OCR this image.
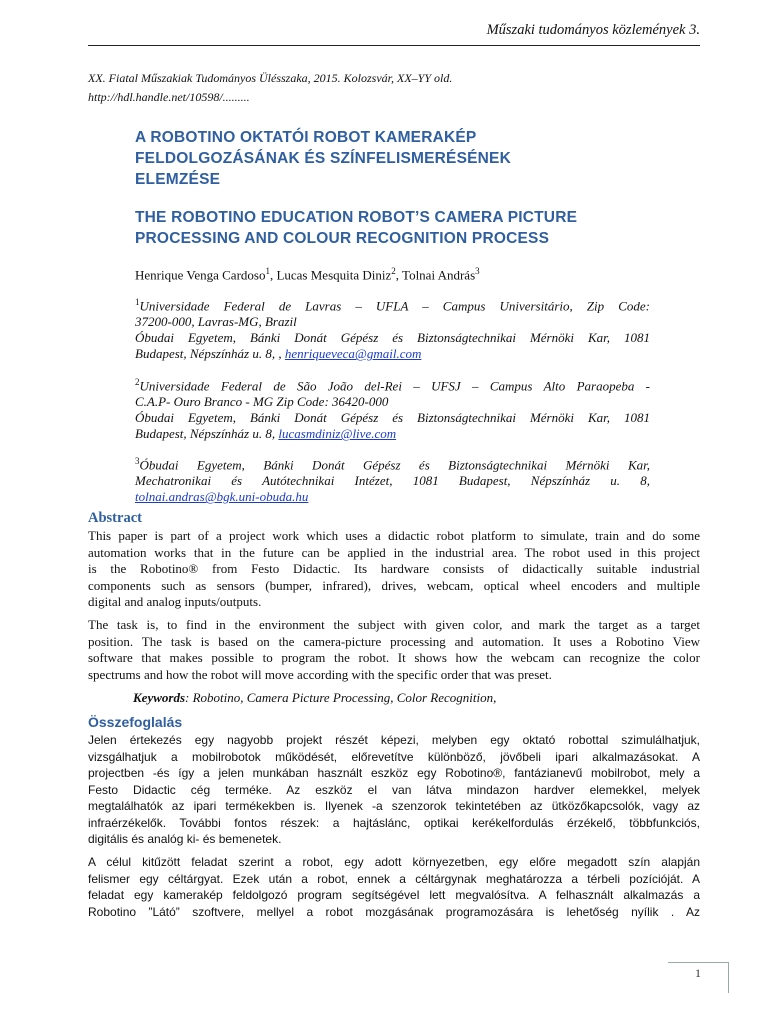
Műszaki tudományos közlemények 3.
XX. Fiatal Műszakiak Tudományos Ülésszaka, 2015. Kolozsvár, XX–YY old.
http://hdl.handle.net/10598/.........
A ROBOTINO OKTATÓI ROBOT KAMERAKÉP
FELDOLGOZÁSÁNAK ÉS SZÍNFELISMERÉSÉNEK
ELEMZÉSE
THE ROBOTINO EDUCATION ROBOT’S CAMERA PICTURE
PROCESSING AND COLOUR RECOGNITION PROCESS
Henrique Venga Cardoso$^1$, Lucas Mesquita Diniz$^2$, Tolnai András$^3$
$^1$Universidade Federal de Lavras – UFLA – Campus Universitário, Zip Code:
37200-000, Lavras-MG, Brazil
Óbudai Egyetem, Bánki Donát Gépész és Biztonságtechnikai Mérnöki Kar, 1081
Budapest, Népszínház u. 8, , henriqueveca@gmail.com
$^2$Universidade Federal de São João del-Rei – UFSJ – Campus Alto Paraopeba -
C.A.P- Ouro Branco - MG Zip Code: 36420-000
Óbudai Egyetem, Bánki Donát Gépész és Biztonságtechnikai Mérnöki Kar, 1081
Budapest, Népszínház u. 8, lucasmdiniz@live.com
$^3$Óbudai Egyetem, Bánki Donát Gépész és Biztonságtechnikai Mérnöki Kar,
Mechatronikai és Autótechnikai Intézet, 1081 Budapest, Népszínház u. 8,
tolnai.andras@bgk.uni-obuda.hu
Abstract
This paper is part of a project work which uses a didactic robot platform to simulate, train and do some
automation works that in the future can be applied in the industrial area. The robot used in this project
is the Robotino® from Festo Didactic. Its hardware consists of didactically suitable industrial
components such as sensors (bumper, infrared), drives, webcam, optical wheel encoders and multiple
digital and analog inputs/outputs.
The task is, to find in the environment the subject with given color, and mark the target as a target
position. The task is based on the camera-picture processing and automation. It uses a Robotino View
software that makes possible to program the robot. It shows how the webcam can recognize the color
spectrums and how the robot will move according with the specific order that was preset.
Keywords: Robotino, Camera Picture Processing, Color Recognition,
Összefoglalás
Jelen értekezés egy nagyobb projekt részét képezi, melyben egy oktató robottal szimulálhatjuk,
vizsgálhatjuk a mobilrobotok működését, előrevetítve különböző, jövőbeli ipari alkalmazásokat. A
projectben -és így a jelen munkában használt eszköz egy Robotino®, fantázianevű mobilrobot, mely a
Festo Didactic cég terméke. Az eszköz el van látva mindazon hardver elemekkel, melyek
megtalálhatók az ipari termékekben is. Ilyenek -a szenzorok tekintetében az ütközőkapcsolók, vagy az
infraérzékelők. További fontos részek: a hajtáslánc, optikai kerékelfordulás érzékelő, többfunkciós,
digitális és analóg ki- és bemenetek.
A célul kitűzött feladat szerint a robot, egy adott környezetben, egy előre megadott szín alapján
felismer egy céltárgyat. Ezek után a robot, ennek a céltárgynak meghatározza a térbeli pozícióját. A
feladat egy kamerakép feldolgozó program segítségével lett megvalósítva. A felhasznált alkalmazás a
Robotino ”Látó” szoftvere, mellyel a robot mozgásának programozására is lehetőség nyílik . Az
1
